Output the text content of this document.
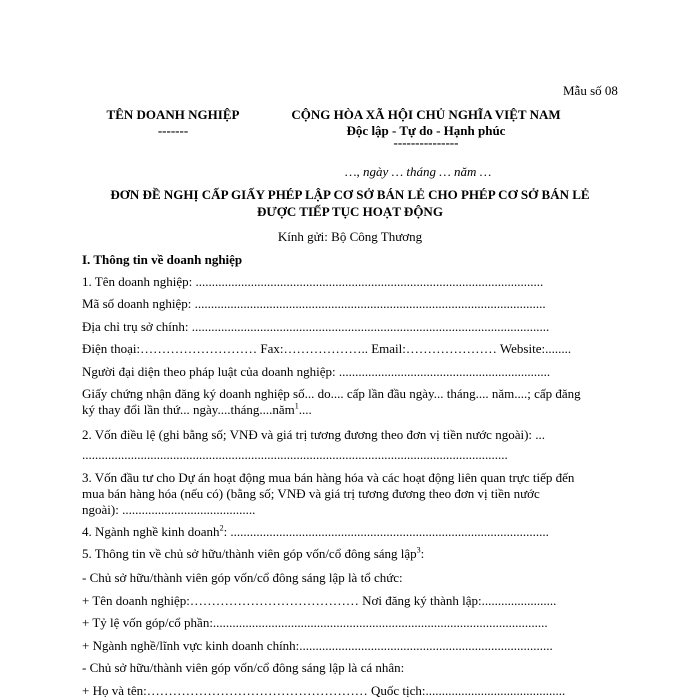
Mẫu số 08
TÊN DOANH NGHIỆP
-------
CỘNG HÒA XÃ HỘI CHỦ NGHĨA VIỆT NAM
Độc lập - Tự do - Hạnh phúc
---------------
…, ngày … tháng … năm …
ĐƠN ĐỀ NGHỊ CẤP GIẤY PHÉP LẬP CƠ SỞ BÁN LẺ CHO PHÉP CƠ SỞ BÁN LẺ
ĐƯỢC TIẾP TỤC HOẠT ĐỘNG
Kính gửi: Bộ Công Thương
I. Thông tin về doanh nghiệp
1. Tên doanh nghiệp: ...........................................................................................................
Mã số doanh nghiệp: ............................................................................................................
Địa chỉ trụ sở chính: ..............................................................................................................
Điện thoại:……………………… Fax:……………….. Email:………………… Website:........
Người đại diện theo pháp luật của doanh nghiệp: .................................................................
Giấy chứng nhận đăng ký doanh nghiệp số... do.... cấp lần đầu ngày... tháng.... năm....; cấp đăng
ký thay đổi lần thứ... ngày....tháng....năm$^1$....
2. Vốn điều lệ (ghi bằng số; VNĐ và giá trị tương đương theo đơn vị tiền nước ngoài): ...
...................................................................................................................................
3. Vốn đầu tư cho Dự án hoạt động mua bán hàng hóa và các hoạt động liên quan trực tiếp đến
mua bán hàng hóa (nếu có) (bằng số; VNĐ và giá trị tương đương theo đơn vị tiền nước
ngoài): .........................................
4. Ngành nghề kinh doanh$^2$: ..................................................................................................
5. Thông tin về chủ sở hữu/thành viên góp vốn/cổ đông sáng lập$^3$:
- Chủ sở hữu/thành viên góp vốn/cổ đông sáng lập là tổ chức:
+ Tên doanh nghiệp:………………………………… Nơi đăng ký thành lập:.......................
+ Tỷ lệ vốn góp/cổ phần:.......................................................................................................
+ Ngành nghề/lĩnh vực kinh doanh chính:..............................................................................
- Chủ sở hữu/thành viên góp vốn/cổ đông sáng lập là cá nhân:
+ Họ và tên:…………………………………………… Quốc tịch:...........................................
